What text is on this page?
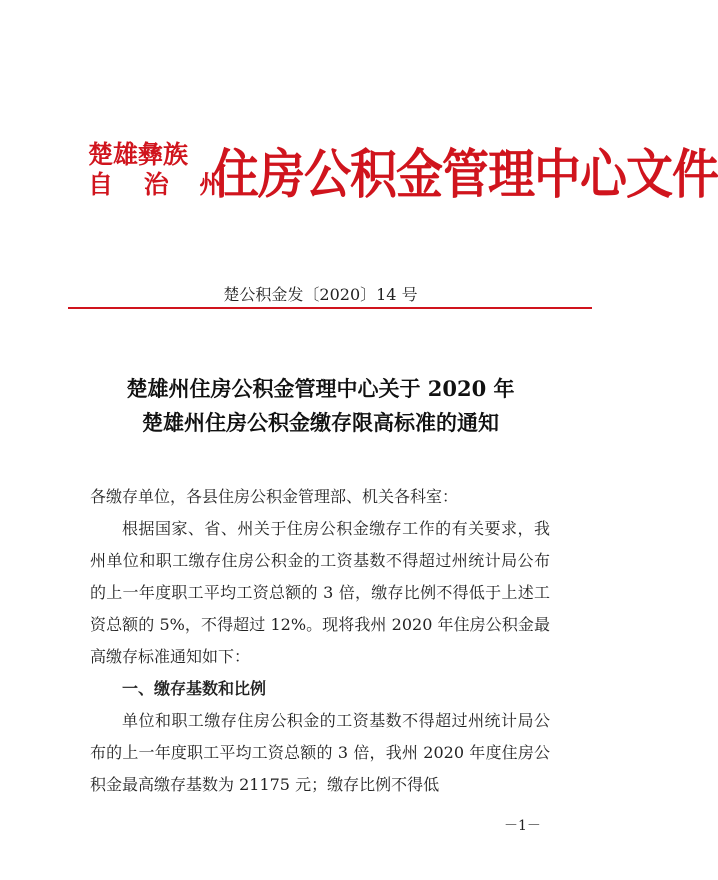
楚雄彝族
自 治 州
住房公积金管理中心文件
楚公积金发〔2020〕14 号
楚雄州住房公积金管理中心关于 2020 年
楚雄州住房公积金缴存限高标准的通知

各缴存单位，各县住房公积金管理部、机关各科室：

根据国家、省、州关于住房公积金缴存工作的有关要求，我州单位和职工缴存住房公积金的工资基数不得超过州统计局公布的上一年度职工平均工资总额的 3 倍，缴存比例不得低于上述工资总额的 5%，不得超过 12%。现将我州 2020 年住房公积金最高缴存标准通知如下：

一、缴存基数和比例

单位和职工缴存住房公积金的工资基数不得超过州统计局公布的上一年度职工平均工资总额的 3 倍，我州 2020 年度住房公积金最高缴存基数为 21175 元；缴存比例不得低

－1－
